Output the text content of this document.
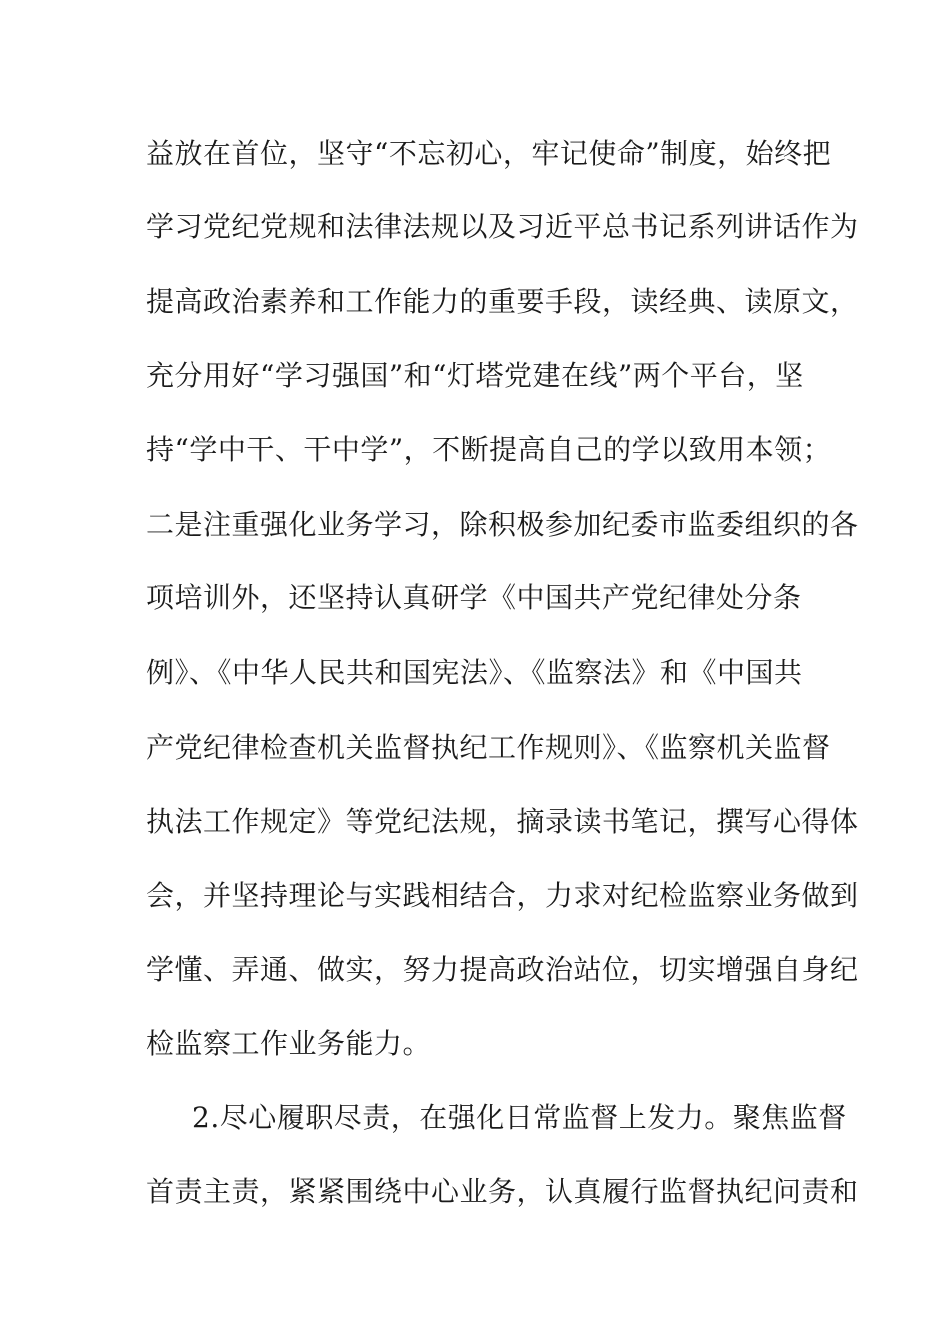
益放在首位，坚守“不忘初心，牢记使命”制度，始终把
学习党纪党规和法律法规以及习近平总书记系列讲话作为
提高政治素养和工作能力的重要手段，读经典、读原文，
充分用好“学习强国”和“灯塔党建在线”两个平台，坚
持“学中干、干中学”，不断提高自己的学以致用本领；
二是注重强化业务学习，除积极参加纪委市监委组织的各
项培训外，还坚持认真研学《中国共产党纪律处分条
例》、《中华人民共和国宪法》、《监察法》和《中国共
产党纪律检查机关监督执纪工作规则》、《监察机关监督
执法工作规定》等党纪法规，摘录读书笔记，撰写心得体
会，并坚持理论与实践相结合，力求对纪检监察业务做到
学懂、弄通、做实，努力提高政治站位，切实增强自身纪
检监察工作业务能力。
2.尽心履职尽责，在强化日常监督上发力。聚焦监督
首责主责，紧紧围绕中心业务，认真履行监督执纪问责和
